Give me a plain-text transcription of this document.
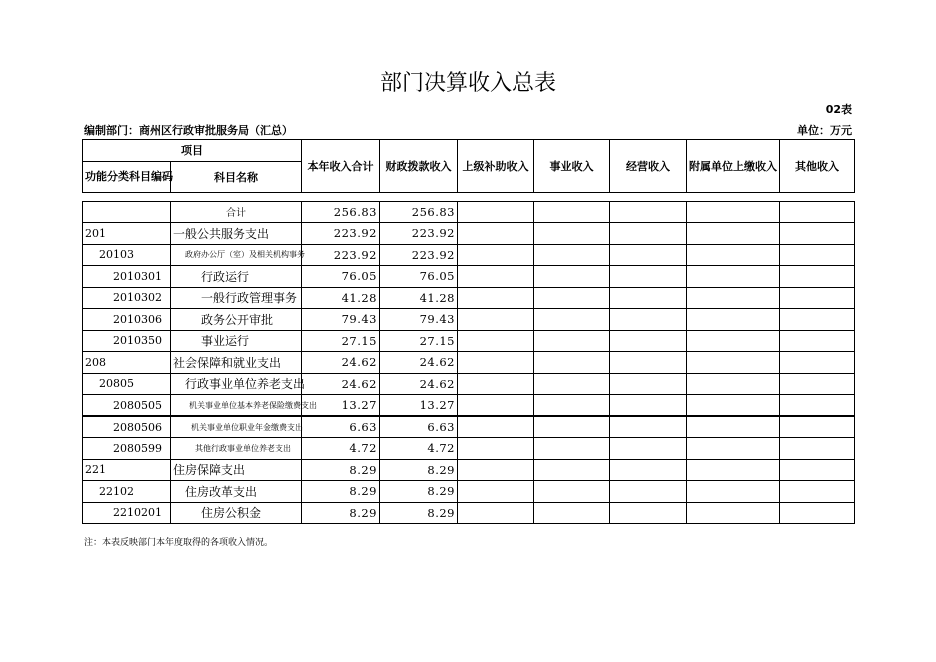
部门决算收入总表
02表
编制部门：商州区行政审批服务局（汇总）	单位：万元
项目		本年收入合计	财政拨款收入	上级补助收入	事业收入	经营收入	附属单位上缴收入	其他收入
功能分类科目编码	科目名称							

	合计	256.83	256.83					
201	一般公共服务支出	223.92	223.92					
20103	政府办公厅（室）及相关机构事务	223.92	223.92					
2010301	行政运行	76.05	76.05					
2010302	一般行政管理事务	41.28	41.28					
2010306	政务公开审批	79.43	79.43					
2010350	事业运行	27.15	27.15					
208	社会保障和就业支出	24.62	24.62					
20805	行政事业单位养老支出	24.62	24.62					
2080505	机关事业单位基本养老保险缴费支出	13.27	13.27					
2080506	机关事业单位职业年金缴费支出	6.63	6.63					
2080599	其他行政事业单位养老支出	4.72	4.72					
221	住房保障支出	8.29	8.29					
22102	住房改革支出	8.29	8.29					
2210201	住房公积金	8.29	8.29					
注：本表反映部门本年度取得的各项收入情况。
